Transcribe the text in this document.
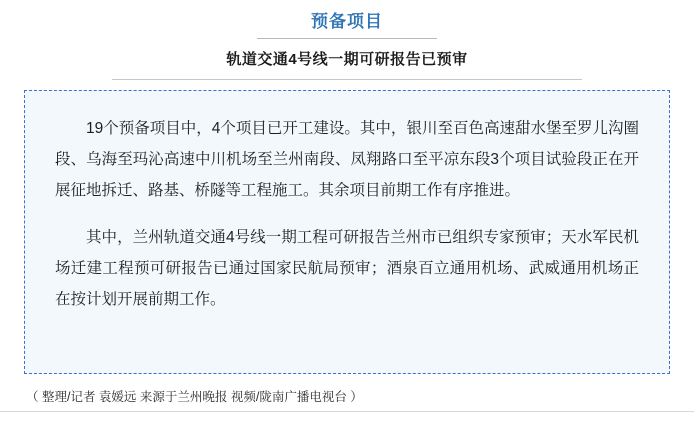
预备项目
轨道交通4号线一期可研报告已预审

19个预备项目中，4个项目已开工建设。其中，银川至百色高速甜水堡至罗儿沟圈段、乌海至玛沁高速中川机场至兰州南段、凤翔路口至平凉东段3个项目试验段正在开展征地拆迁、路基、桥隧等工程施工。其余项目前期工作有序推进。

其中，兰州轨道交通4号线一期工程可研报告兰州市已组织专家预审；天水军民机场迁建工程预可研报告已通过国家民航局预审；酒泉百立通用机场、武威通用机场正在按计划开展前期工作。

（ 整理/记者 袁媛远 来源于兰州晚报 视频/陇南广播电视台 ）
